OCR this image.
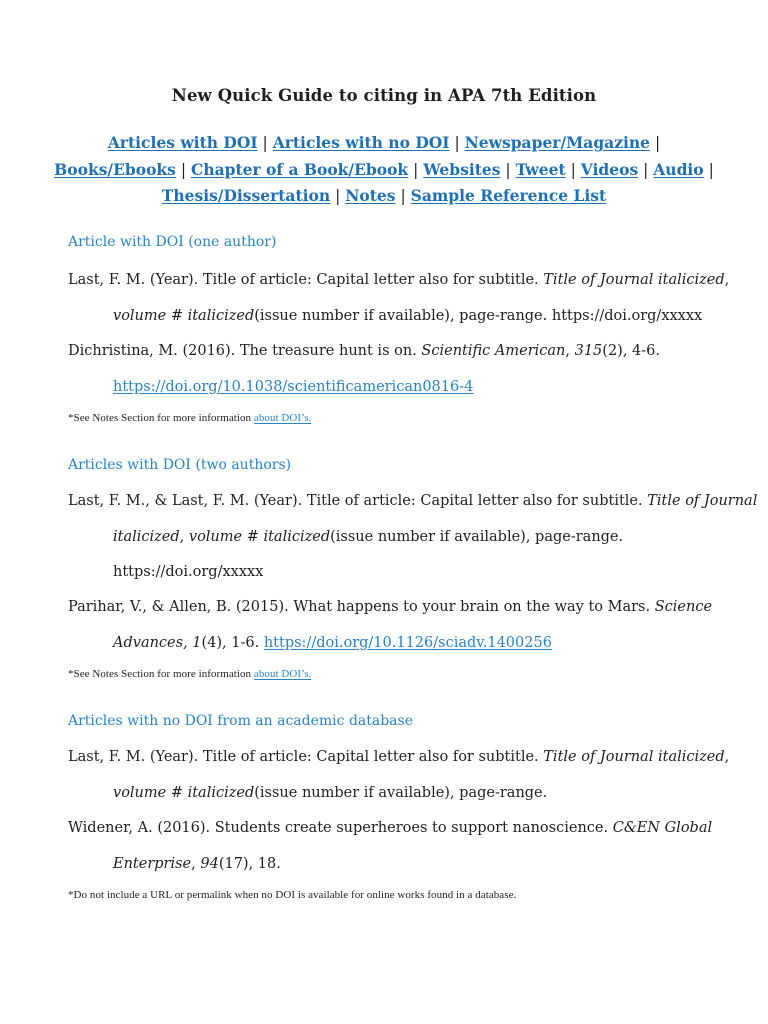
New Quick Guide to citing in APA 7th Edition
Articles with DOI | Articles with no DOI | Newspaper/Magazine |
Books/Ebooks | Chapter of a Book/Ebook | Websites | Tweet | Videos | Audio |
Thesis/Dissertation | Notes | Sample Reference List
Article with DOI (one author)
Last, F. M. (Year). Title of article: Capital letter also for subtitle. Title of Journal italicized,
volume # italicized(issue number if available), page-range. https://doi.org/xxxxx
Dichristina, M. (2016). The treasure hunt is on. Scientific American, 315(2), 4-6.
https://doi.org/10.1038/scientificamerican0816-4
*See Notes Section for more information about DOI’s.
Articles with DOI (two authors)
Last, F. M., & Last, F. M. (Year). Title of article: Capital letter also for subtitle. Title of Journal
italicized, volume # italicized(issue number if available), page-range.
https://doi.org/xxxxx
Parihar, V., & Allen, B. (2015). What happens to your brain on the way to Mars. Science
Advances, 1(4), 1-6. https://doi.org/10.1126/sciadv.1400256
*See Notes Section for more information about DOI’s.
Articles with no DOI from an academic database
Last, F. M. (Year). Title of article: Capital letter also for subtitle. Title of Journal italicized,
volume # italicized(issue number if available), page-range.
Widener, A. (2016). Students create superheroes to support nanoscience. C&EN Global
Enterprise, 94(17), 18.
*Do not include a URL or permalink when no DOI is available for online works found in a database.
